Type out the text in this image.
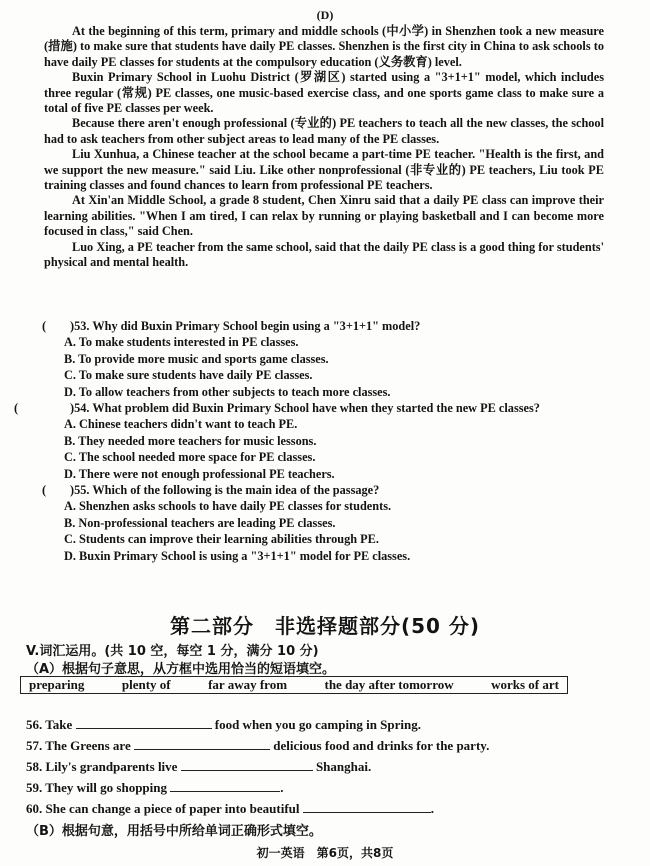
(D)

At the beginning of this term, primary and middle schools (中小学) in Shenzhen took a new measure (措施) to make sure that students have daily PE classes. Shenzhen is the first city in China to ask schools to have daily PE classes for students at the compulsory education (义务教育) level.

Buxin Primary School in Luohu District (罗湖区) started using a "3+1+1" model, which includes three regular (常规) PE classes, one music-based exercise class, and one sports game class to make sure a total of five PE classes per week.

Because there aren't enough professional (专业的) PE teachers to teach all the new classes, the school had to ask teachers from other subject areas to lead many of the PE classes.

Liu Xunhua, a Chinese teacher at the school became a part-time PE teacher. "Health is the first, and we support the new measure." said Liu. Like other nonprofessional (非专业的) PE teachers, Liu took PE training classes and found chances to learn from professional PE teachers.

At Xin'an Middle School, a grade 8 student, Chen Xinru said that a daily PE class can improve their learning abilities. "When I am tired, I can relax by running or playing basketball and I can become more focused in class," said Chen.

Luo Xing, a PE teacher from the same school, said that the daily PE class is a good thing for students' physical and mental health.

( )53. Why did Buxin Primary School begin using a "3+1+1" model?

A. To make students interested in PE classes.

B. To provide more music and sports game classes.

C. To make sure students have daily PE classes.

D. To allow teachers from other subjects to teach more classes.

(	)54. What problem did Buxin Primary School have when they started the new PE classes?

A. Chinese teachers didn't want to teach PE.

B. They needed more teachers for music lessons.

C. The school needed more space for PE classes.

D. There were not enough professional PE teachers.

( )55. Which of the following is the main idea of the passage?

A. Shenzhen asks schools to have daily PE classes for students.

B. Non-professional teachers are leading PE classes.

C. Students can improve their learning abilities through PE.

D. Buxin Primary School is using a "3+1+1" model for PE classes.

第二部分　非选择题部分(50 分)
V.词汇运用。(共 10 空，每空 1 分，满分 10 分)
（A）根据句子意思，从方框中选用恰当的短语填空。
preparing	plenty of	far away from	the day after tomorrow	works of art
56. Take	food when you go camping in Spring.
57. The Greens are	delicious food and drinks for the party.
58. Lily's grandparents live	Shanghai.
59. They will go shopping	.
60. She can change a piece of paper into beautiful	.
（B）根据句意，用括号中所给单词正确形式填空。
初一英语　第6页，共8页
